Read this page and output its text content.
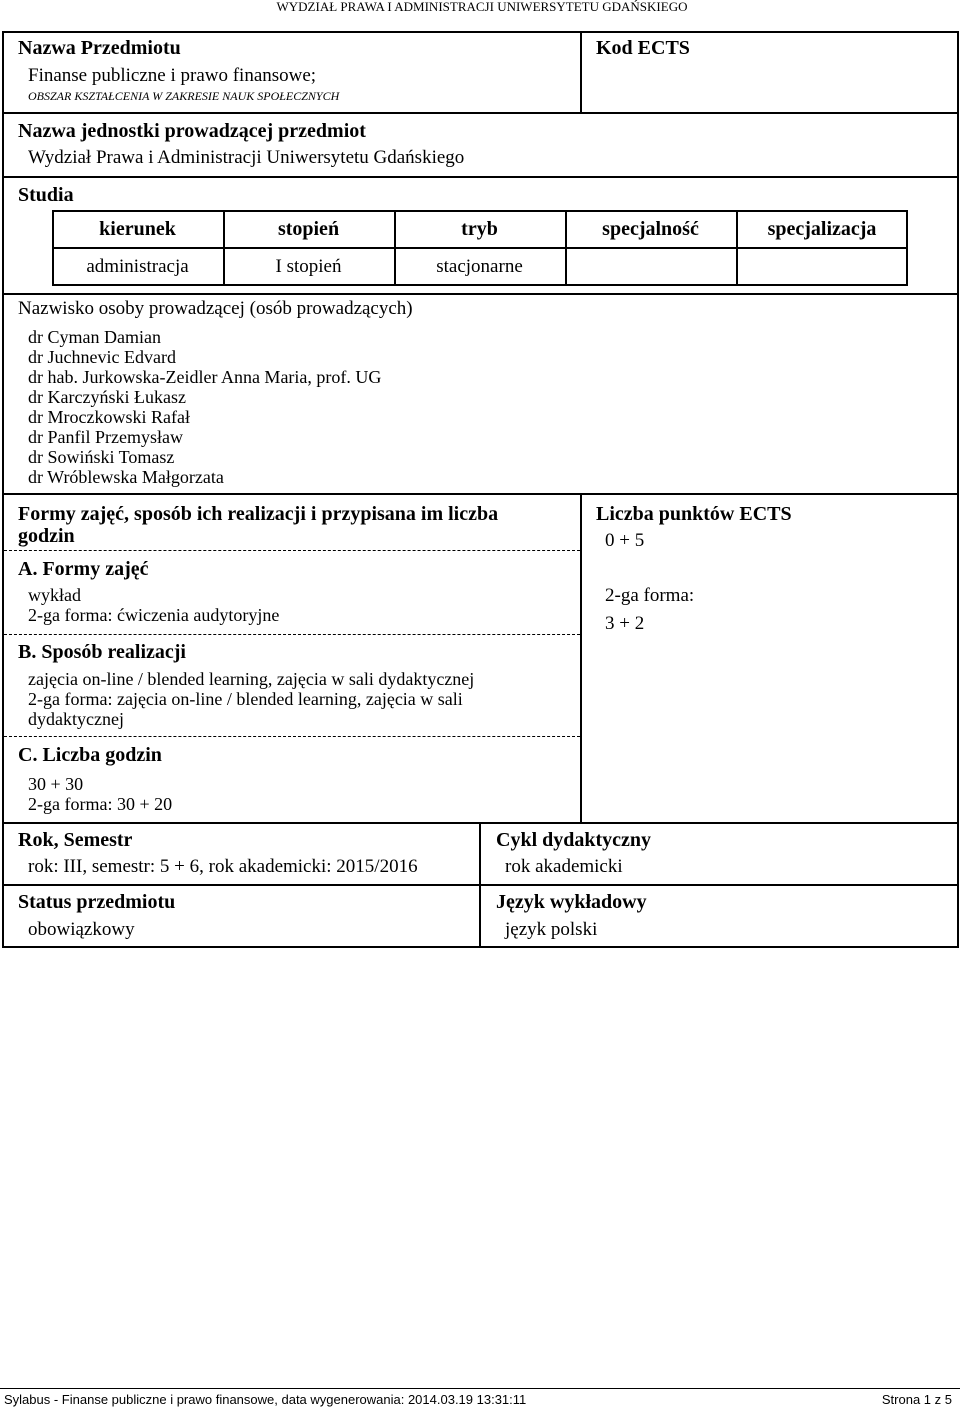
WYDZIAŁ PRAWA I ADMINISTRACJI UNIWERSYTETU GDAŃSKIEGO
Nazwa Przedmiotu
Finanse publiczne i prawo finansowe;
OBSZAR KSZTAŁCENIA W ZAKRESIE NAUK SPOŁECZNYCH
Kod ECTS
Nazwa jednostki prowadzącej przedmiot
Wydział Prawa i Administracji Uniwersytetu Gdańskiego
Studia
kierunek	stopień	tryb	specjalność	specjalizacja
administracja	I stopień	stacjonarne
Nazwisko osoby prowadzącej (osób prowadzących)
dr Cyman Damian
dr Juchnevic Edvard
dr hab. Jurkowska-Zeidler Anna Maria, prof. UG
dr Karczyński Łukasz
dr Mroczkowski Rafał
dr Panfil Przemysław
dr Sowiński Tomasz
dr Wróblewska Małgorzata
Formy zajęć, sposób ich realizacji i przypisana im liczba godzin
A. Formy zajęć
wykład
2-ga forma: ćwiczenia audytoryjne
B. Sposób realizacji
zajęcia on-line / blended learning, zajęcia w sali dydaktycznej
2-ga forma: zajęcia on-line / blended learning, zajęcia w sali
dydaktycznej
C. Liczba godzin
30 + 30
2-ga forma: 30 + 20
Liczba punktów ECTS
0 + 5
2-ga forma:
3 + 2
Rok, Semestr
rok: III, semestr: 5 + 6, rok akademicki: 2015/2016
Cykl dydaktyczny
rok akademicki
Status przedmiotu
obowiązkowy
Język wykładowy
język polski
Sylabus - Finanse publiczne i prawo finansowe, data wygenerowania: 2014.03.19 13:31:11	Strona 1 z 5
